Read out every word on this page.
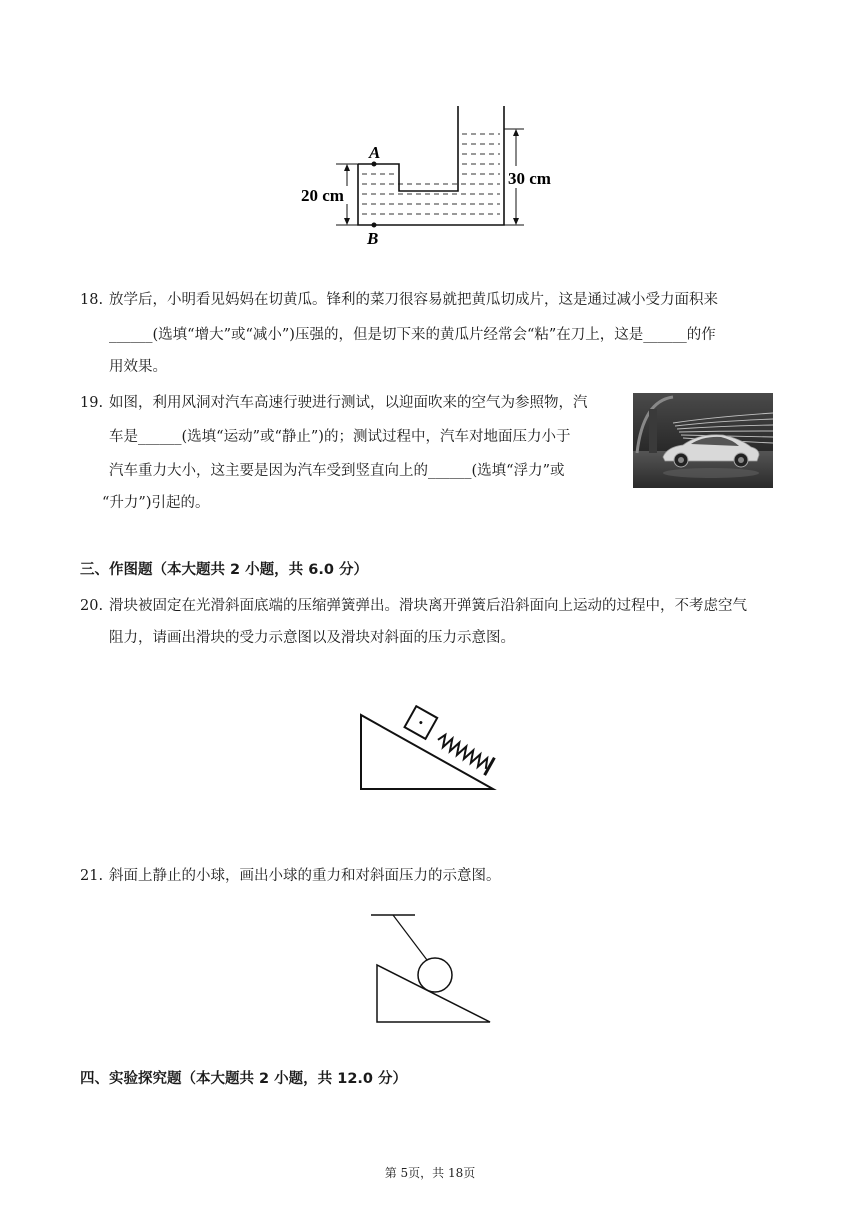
A
B
20 cm
30 cm
18. 放学后，小明看见妈妈在切黄瓜。锋利的菜刀很容易就把黄瓜切成片，这是通过减小受力面积来
______(选填“增大”或“减小”)压强的，但是切下来的黄瓜片经常会“粘”在刀上，这是______的作
用效果。
19. 如图，利用风洞对汽车高速行驶进行测试，以迎面吹来的空气为参照物，汽
车是______(选填“运动”或“静止”)的；测试过程中，汽车对地面压力小于
汽车重力大小，这主要是因为汽车受到竖直向上的______(选填“浮力”或
“升力”)引起的。
三、作图题（本大题共 2 小题，共 6.0 分）
20. 滑块被固定在光滑斜面底端的压缩弹簧弹出。滑块离开弹簧后沿斜面向上运动的过程中，不考虑空气
阻力，请画出滑块的受力示意图以及滑块对斜面的压力示意图。
21. 斜面上静止的小球，画出小球的重力和对斜面压力的示意图。
四、实验探究题（本大题共 2 小题，共 12.0 分）
第 5页，共 18页
